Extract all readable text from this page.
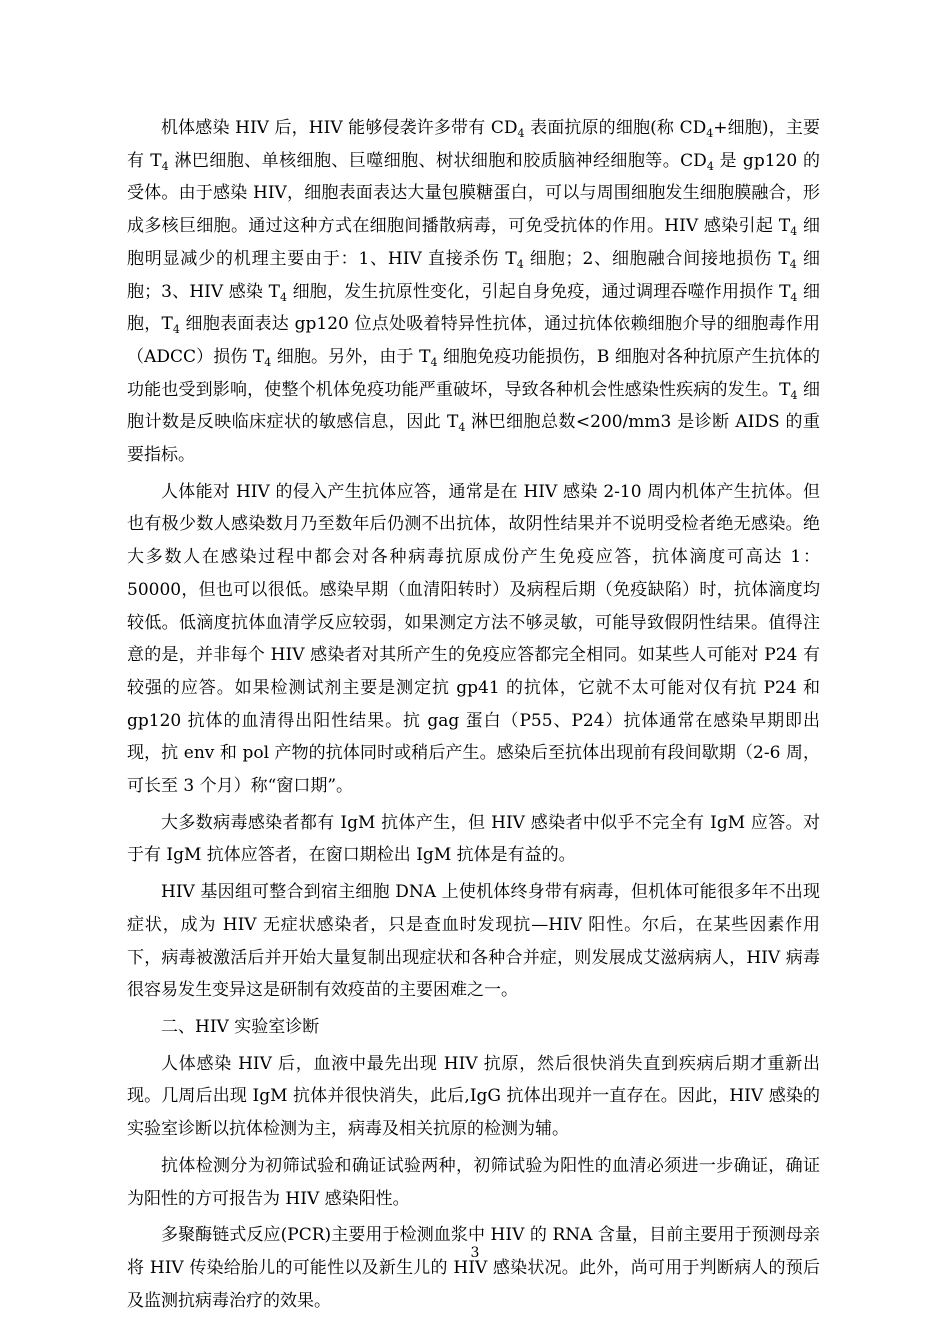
机体感染 HIV 后，HIV 能够侵袭许多带有 $CD_4$ 表面抗原的细胞(称 $CD_4+$细胞)，主要有 $T_4$ 淋巴细胞、单核细胞、巨噬细胞、树状细胞和胶质脑神经细胞等。$CD_4$ 是 gp120 的受体。由于感染 HIV，细胞表面表达大量包膜糖蛋白，可以与周围细胞发生细胞膜融合，形成多核巨细胞。通过这种方式在细胞间播散病毒，可免受抗体的作用。HIV 感染引起 $T_4$ 细胞明显减少的机理主要由于：1、HIV 直接杀伤 $T_4$ 细胞；2、细胞融合间接地损伤 $T_4$ 细胞；3、HIV 感染 $T_4$ 细胞，发生抗原性变化，引起自身免疫，通过调理吞噬作用损作 $T_4$ 细胞，$T_4$ 细胞表面表达 gp120 位点处吸着特异性抗体，通过抗体依赖细胞介导的细胞毒作用（ADCC）损伤 $T_4$ 细胞。另外，由于 $T_4$ 细胞免疫功能损伤，B 细胞对各种抗原产生抗体的功能也受到影响，使整个机体免疫功能严重破坏，导致各种机会性感染性疾病的发生。$T_4$ 细胞计数是反映临床症状的敏感信息，因此 $T_4$ 淋巴细胞总数<200/mm3 是诊断 AIDS 的重要指标。

人体能对 HIV 的侵入产生抗体应答，通常是在 HIV 感染 2-10 周内机体产生抗体。但也有极少数人感染数月乃至数年后仍测不出抗体，故阴性结果并不说明受检者绝无感染。绝大多数人在感染过程中都会对各种病毒抗原成份产生免疫应答，抗体滴度可高达 1：50000，但也可以很低。感染早期（血清阳转时）及病程后期（免疫缺陷）时，抗体滴度均较低。低滴度抗体血清学反应较弱，如果测定方法不够灵敏，可能导致假阴性结果。值得注意的是，并非每个 HIV 感染者对其所产生的免疫应答都完全相同。如某些人可能对 P24 有较强的应答。如果检测试剂主要是测定抗 gp41 的抗体，它就不太可能对仅有抗 P24 和 gp120 抗体的血清得出阳性结果。抗 gag 蛋白（P55、P24）抗体通常在感染早期即出现，抗 env 和 pol 产物的抗体同时或稍后产生。感染后至抗体出现前有段间歇期（2-6 周，可长至 3 个月）称“窗口期”。

大多数病毒感染者都有 IgM 抗体产生，但 HIV 感染者中似乎不完全有 IgM 应答。对于有 IgM 抗体应答者，在窗口期检出 IgM 抗体是有益的。

HIV 基因组可整合到宿主细胞 DNA 上使机体终身带有病毒，但机体可能很多年不出现症状，成为 HIV 无症状感染者，只是查血时发现抗—HIV 阳性。尔后，在某些因素作用下，病毒被激活后并开始大量复制出现症状和各种合并症，则发展成艾滋病病人，HIV 病毒很容易发生变异这是研制有效疫苗的主要困难之一。

二、HIV 实验室诊断

人体感染 HIV 后，血液中最先出现 HIV 抗原，然后很快消失直到疾病后期才重新出现。几周后出现 IgM 抗体并很快消失，此后,IgG 抗体出现并一直存在。因此，HIV 感染的实验室诊断以抗体检测为主，病毒及相关抗原的检测为辅。

抗体检测分为初筛试验和确证试验两种，初筛试验为阳性的血清必须进一步确证，确证为阳性的方可报告为 HIV 感染阳性。

多聚酶链式反应(PCR)主要用于检测血浆中 HIV 的 RNA 含量，目前主要用于预测母亲将 HIV 传染给胎儿的可能性以及新生儿的 HIV 感染状况。此外，尚可用于判断病人的预后及监测抗病毒治疗的效果。

3
